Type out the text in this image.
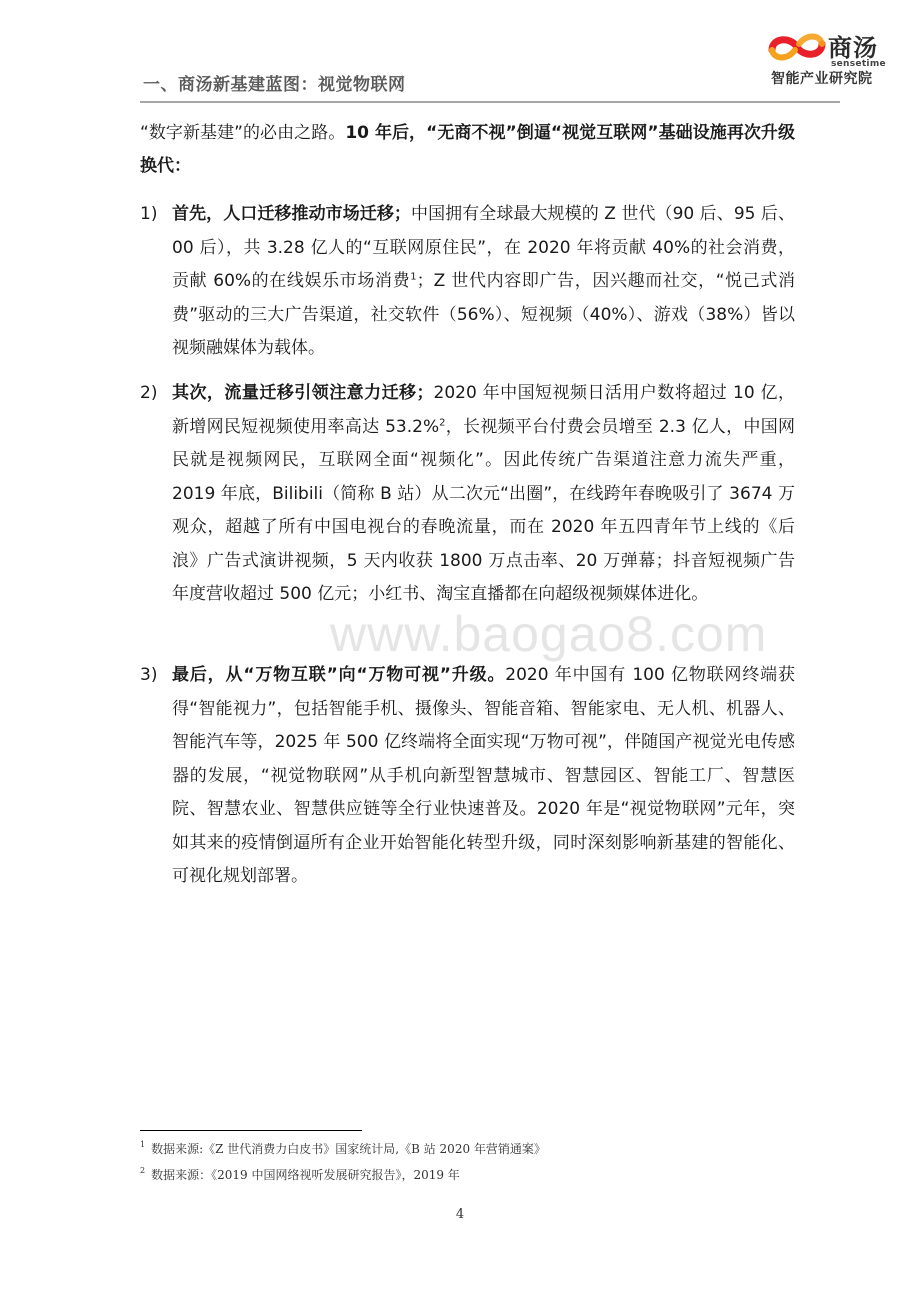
一、商汤新基建蓝图：视觉物联网
商汤
sensetime
智能产业研究院
“数字新基建”的必由之路。10 年后，“无商不视”倒逼“视觉互联网”基础设施再次升级换代：
1) 首先，人口迁移推动市场迁移；中国拥有全球最大规模的 Z 世代（90 后、95 后、00 后），共 3.28 亿人的“互联网原住民”，在 2020 年将贡献 40%的社会消费，贡献 60%的在线娱乐市场消费$^1$；Z 世代内容即广告，因兴趣而社交，“悦己式消费”驱动的三大广告渠道，社交软件（56%）、短视频（40%）、游戏（38%）皆以视频融媒体为载体。
2) 其次，流量迁移引领注意力迁移；2020 年中国短视频日活用户数将超过 10 亿，新增网民短视频使用率高达 53.2%$^2$，长视频平台付费会员增至 2.3 亿人，中国网民就是视频网民，互联网全面“视频化”。因此传统广告渠道注意力流失严重， 2019 年底，Bilibili（简称 B 站）从二次元“出圈”，在线跨年春晚吸引了 3674 万观众，超越了所有中国电视台的春晚流量，而在 2020 年五四青年节上线的《后浪》广告式演讲视频，5 天内收获 1800 万点击率、20 万弹幕；抖音短视频广告年度营收超过 500 亿元；小红书、淘宝直播都在向超级视频媒体进化。
3) 最后，从“万物互联”向“万物可视”升级。2020 年中国有 100 亿物联网终端获得“智能视力”，包括智能手机、摄像头、智能音箱、智能家电、无人机、机器人、智能汽车等，2025 年 500 亿终端将全面实现“万物可视”，伴随国产视觉光电传感器的发展，“视觉物联网”从手机向新型智慧城市、智慧园区、智能工厂、智慧医院、智慧农业、智慧供应链等全行业快速普及。2020 年是“视觉物联网”元年，突如其来的疫情倒逼所有企业开始智能化转型升级，同时深刻影响新基建的智能化、可视化规划部署。
www.baogao8.com
$^1$ 数据来源:《Z 世代消费力白皮书》国家统计局,《B 站 2020 年营销通案》
$^2$ 数据来源：《2019 中国网络视听发展研究报告》，2019 年
4
